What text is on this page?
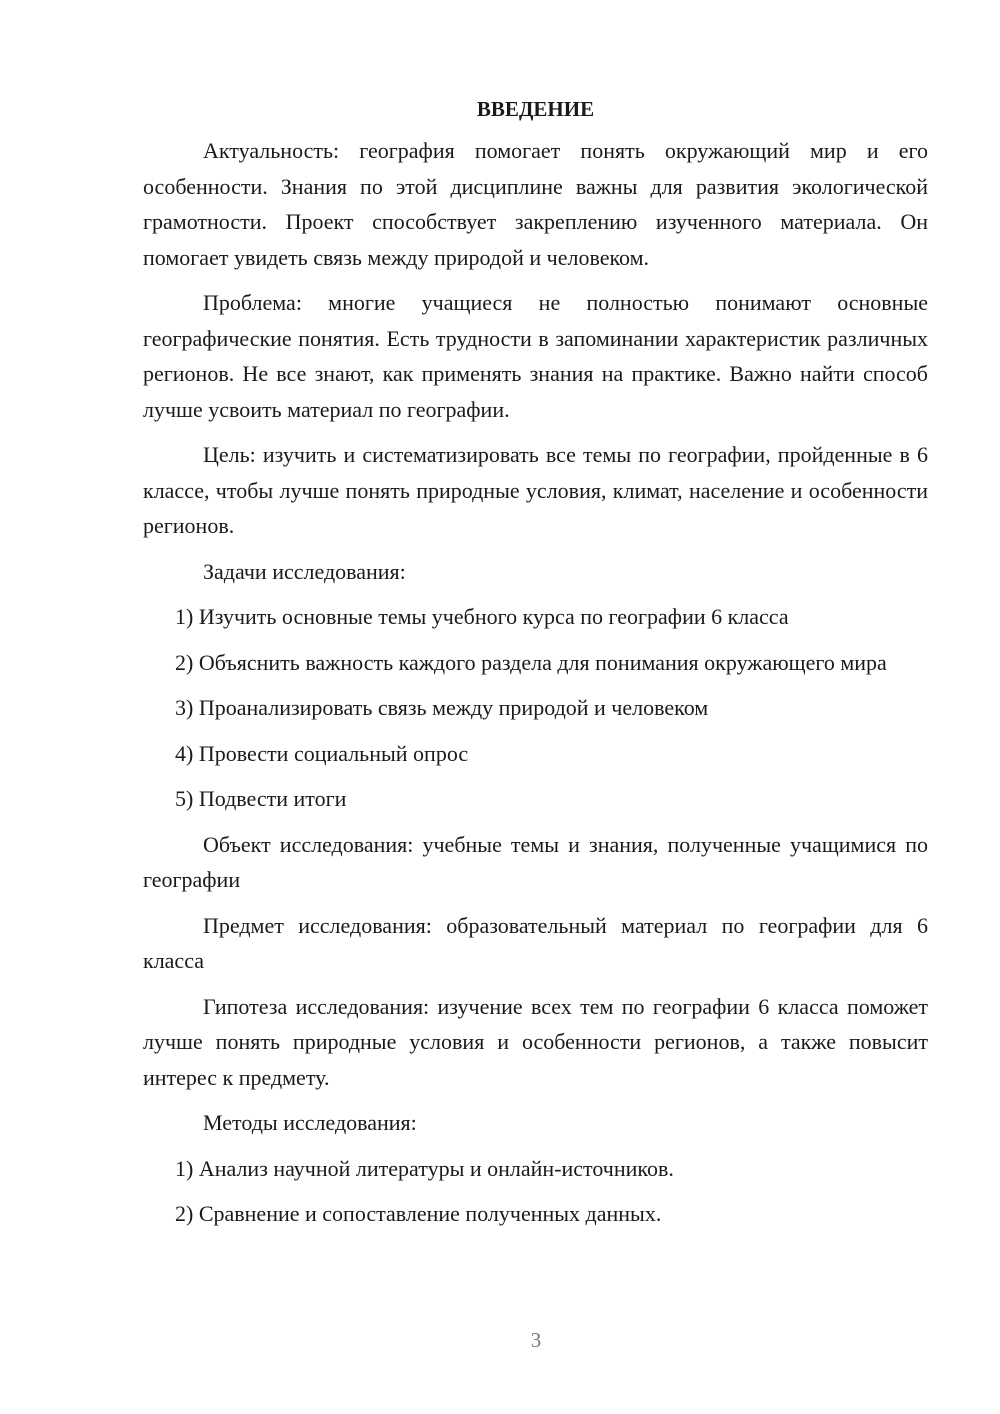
ВВЕДЕНИЕ
Актуальность: география помогает понять окружающий мир и его особенности. Знания по этой дисциплине важны для развития экологической грамотности. Проект способствует закреплению изученного материала. Он помогает увидеть связь между природой и человеком.
Проблема: многие учащиеся не полностью понимают основные географические понятия. Есть трудности в запоминании характеристик различных регионов. Не все знают, как применять знания на практике. Важно найти способ лучше усвоить материал по географии.
Цель: изучить и систематизировать все темы по географии, пройденные в 6 классе, чтобы лучше понять природные условия, климат, население и особенности регионов.
Задачи исследования:
1) Изучить основные темы учебного курса по географии 6 класса
2) Объяснить важность каждого раздела для понимания окружающего мира
3) Проанализировать связь между природой и человеком
4) Провести социальный опрос
5) Подвести итоги
Объект исследования: учебные темы и знания, полученные учащимися по географии
Предмет исследования: образовательный материал по географии для 6 класса
Гипотеза исследования: изучение всех тем по географии 6 класса поможет лучше понять природные условия и особенности регионов, а также повысит интерес к предмету.
Методы исследования:
1) Анализ научной литературы и онлайн-источников.
2) Сравнение и сопоставление полученных данных.
3
